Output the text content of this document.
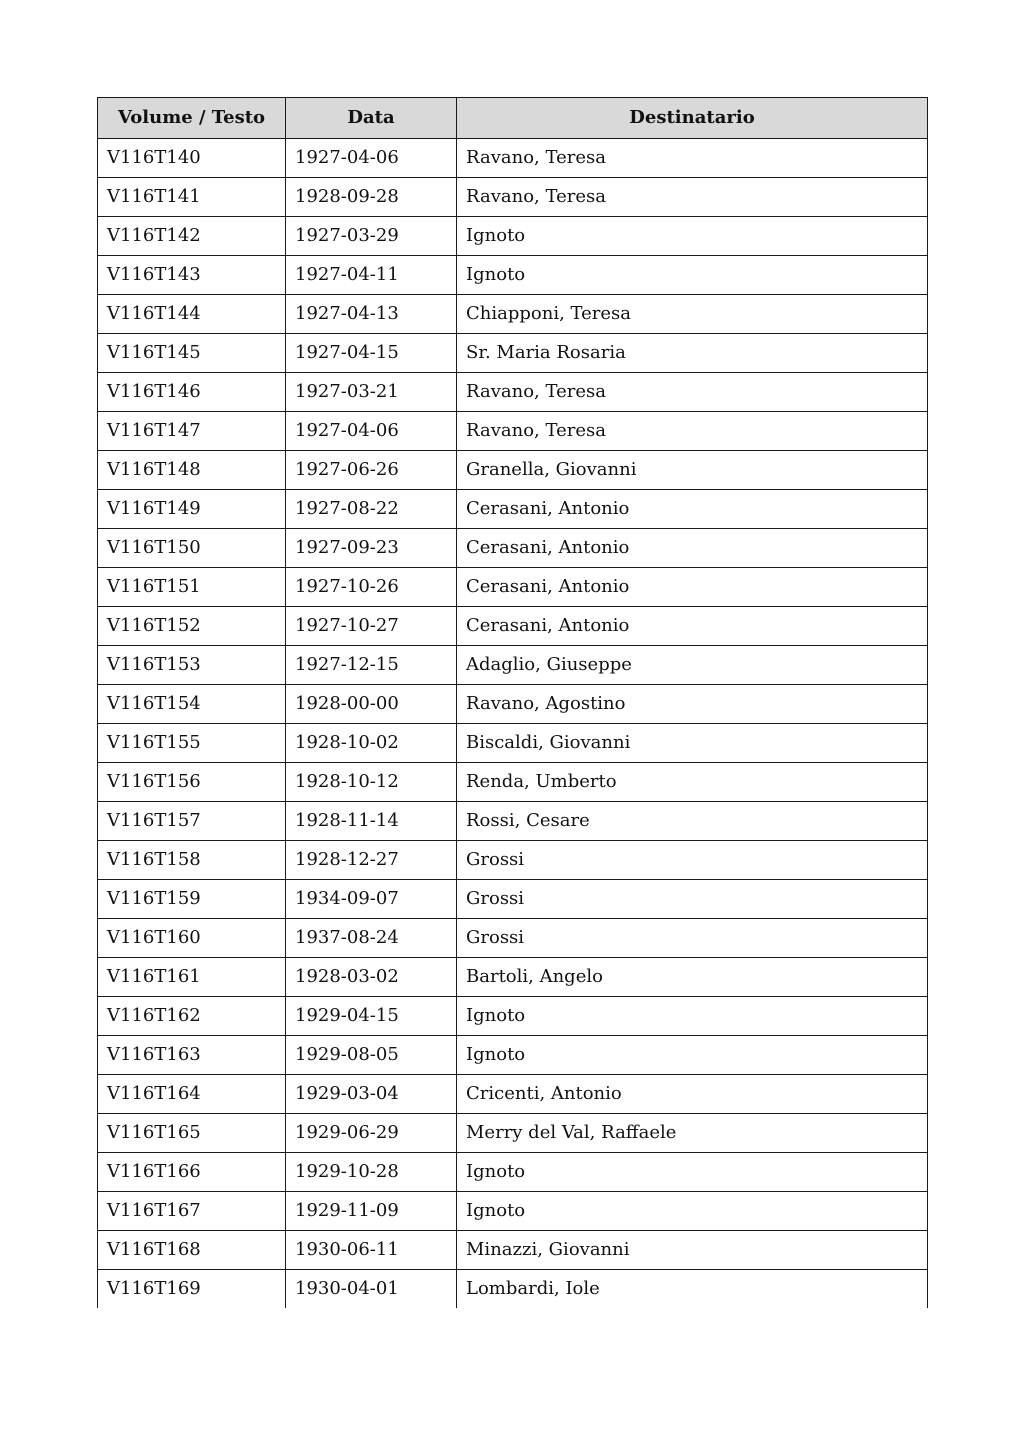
Volume / Testo	Data	Destinatario
V116T140	1927-04-06	Ravano, Teresa
V116T141	1928-09-28	Ravano, Teresa
V116T142	1927-03-29	Ignoto
V116T143	1927-04-11	Ignoto
V116T144	1927-04-13	Chiapponi, Teresa
V116T145	1927-04-15	Sr. Maria Rosaria
V116T146	1927-03-21	Ravano, Teresa
V116T147	1927-04-06	Ravano, Teresa
V116T148	1927-06-26	Granella, Giovanni
V116T149	1927-08-22	Cerasani, Antonio
V116T150	1927-09-23	Cerasani, Antonio
V116T151	1927-10-26	Cerasani, Antonio
V116T152	1927-10-27	Cerasani, Antonio
V116T153	1927-12-15	Adaglio, Giuseppe
V116T154	1928-00-00	Ravano, Agostino
V116T155	1928-10-02	Biscaldi, Giovanni
V116T156	1928-10-12	Renda, Umberto
V116T157	1928-11-14	Rossi, Cesare
V116T158	1928-12-27	Grossi
V116T159	1934-09-07	Grossi
V116T160	1937-08-24	Grossi
V116T161	1928-03-02	Bartoli, Angelo
V116T162	1929-04-15	Ignoto
V116T163	1929-08-05	Ignoto
V116T164	1929-03-04	Cricenti, Antonio
V116T165	1929-06-29	Merry del Val, Raffaele
V116T166	1929-10-28	Ignoto
V116T167	1929-11-09	Ignoto
V116T168	1930-06-11	Minazzi, Giovanni
V116T169	1930-04-01	Lombardi, Iole
